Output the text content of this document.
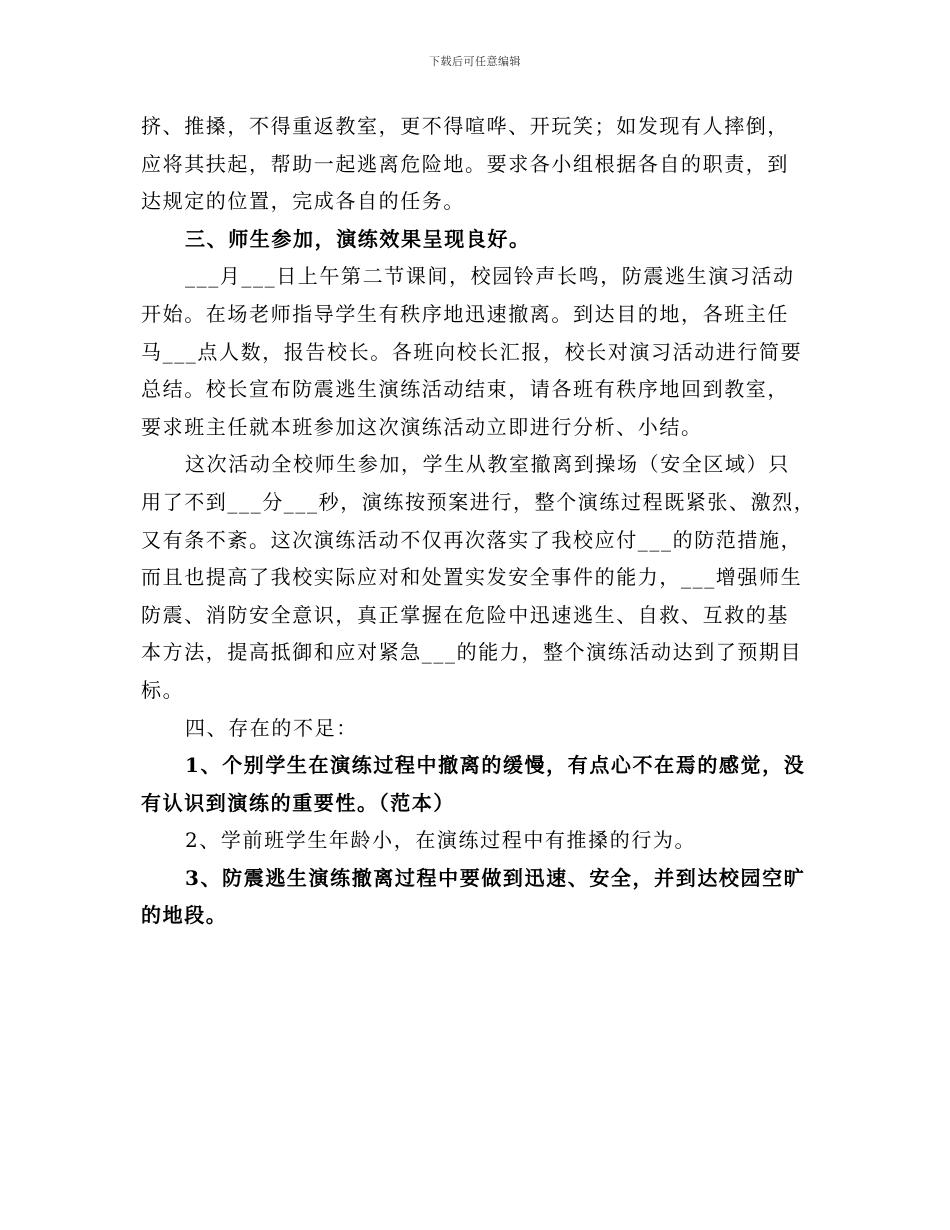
下载后可任意编辑

挤、推搡，不得重返教室，更不得喧哗、开玩笑；如发现有人摔倒，
应将其扶起，帮助一起逃离危险地。要求各小组根据各自的职责，到
达规定的位置，完成各自的任务。

三、师生参加，演练效果呈现良好。

___月___日上午第二节课间，校园铃声长鸣，防震逃生演习活动
开始。在场老师指导学生有秩序地迅速撤离。到达目的地，各班主任
马___点人数，报告校长。各班向校长汇报，校长对演习活动进行简要
总结。校长宣布防震逃生演练活动结束，请各班有秩序地回到教室，
要求班主任就本班参加这次演练活动立即进行分析、小结。

这次活动全校师生参加，学生从教室撤离到操场（安全区域）只
用了不到___分___秒，演练按预案进行，整个演练过程既紧张、激烈，
又有条不紊。这次演练活动不仅再次落实了我校应付___的防范措施，
而且也提高了我校实际应对和处置实发安全事件的能力，___增强师生
防震、消防安全意识，真正掌握在危险中迅速逃生、自救、互救的基
本方法，提高抵御和应对紧急___的能力，整个演练活动达到了预期目
标。

四、存在的不足：

1、个别学生在演练过程中撤离的缓慢，有点心不在焉的感觉，没
有认识到演练的重要性。（范本）

2、学前班学生年龄小，在演练过程中有推搡的行为。

3、防震逃生演练撤离过程中要做到迅速、安全，并到达校园空旷
的地段。
